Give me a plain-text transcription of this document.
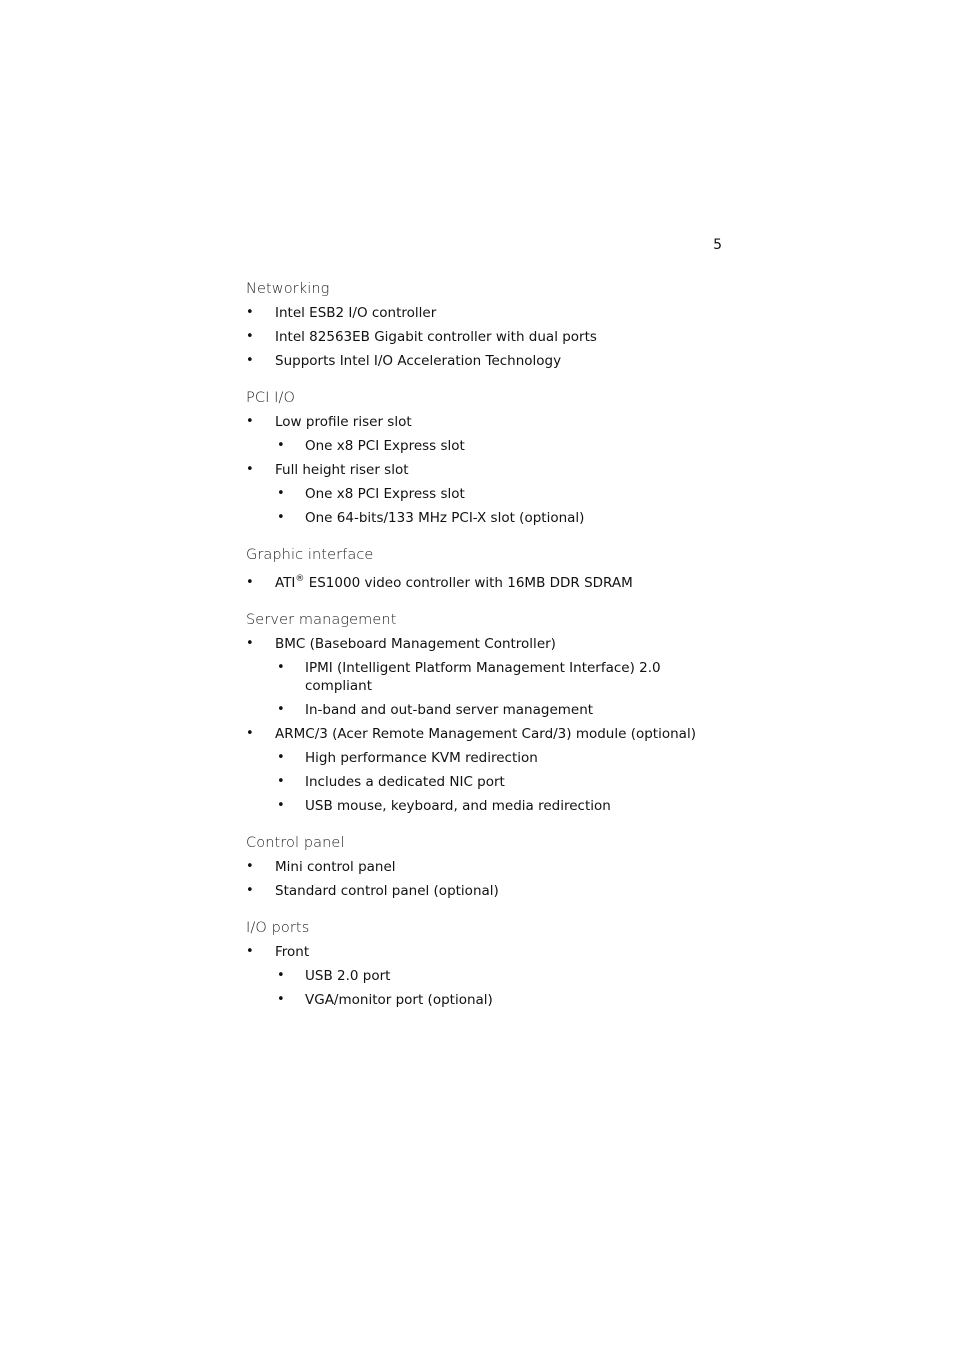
5
Networking
• Intel ESB2 I/O controller
• Intel 82563EB Gigabit controller with dual ports
• Supports Intel I/O Acceleration Technology
PCI I/O
• Low profile riser slot
• One x8 PCI Express slot
• Full height riser slot
• One x8 PCI Express slot
• One 64-bits/133 MHz PCI-X slot (optional)
Graphic interface
• ATI® ES1000 video controller with 16MB DDR SDRAM
Server management
• BMC (Baseboard Management Controller)
• IPMI (Intelligent Platform Management Interface) 2.0 compliant
• In-band and out-band server management
• ARMC/3 (Acer Remote Management Card/3) module (optional)
• High performance KVM redirection
• Includes a dedicated NIC port
• USB mouse, keyboard, and media redirection
Control panel
• Mini control panel
• Standard control panel (optional)
I/O ports
• Front
• USB 2.0 port
• VGA/monitor port (optional)
